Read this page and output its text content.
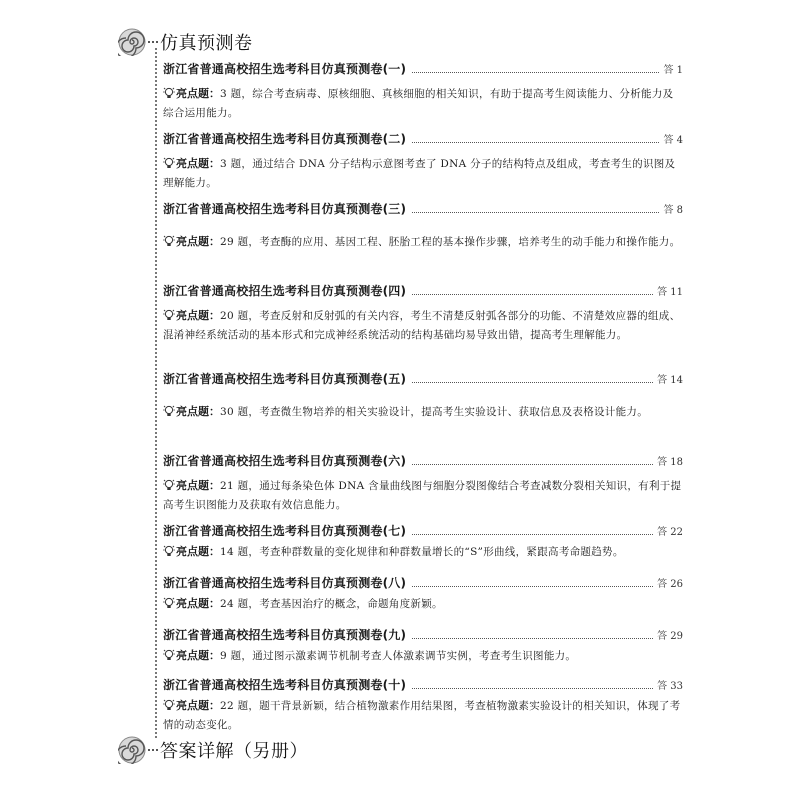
仿真预测卷
浙江省普通高校招生选考科目仿真预测卷(一)	答 1
亮点题：3 题，综合考查病毒、原核细胞、真核细胞的相关知识，有助于提高考生阅读能力、分析能力及综合运用能力。
浙江省普通高校招生选考科目仿真预测卷(二)	答 4
亮点题：3 题，通过结合 DNA 分子结构示意图考查了 DNA 分子的结构特点及组成，考查考生的识图及理解能力。
浙江省普通高校招生选考科目仿真预测卷(三)	答 8
亮点题：29 题，考查酶的应用、基因工程、胚胎工程的基本操作步骤，培养考生的动手能力和操作能力。
浙江省普通高校招生选考科目仿真预测卷(四)	答 11
亮点题：20 题，考查反射和反射弧的有关内容，考生不清楚反射弧各部分的功能、不清楚效应器的组成、混淆神经系统活动的基本形式和完成神经系统活动的结构基础均易导致出错，提高考生理解能力。
浙江省普通高校招生选考科目仿真预测卷(五)	答 14
亮点题：30 题，考查微生物培养的相关实验设计，提高考生实验设计、获取信息及表格设计能力。
浙江省普通高校招生选考科目仿真预测卷(六)	答 18
亮点题：21 题，通过每条染色体 DNA 含量曲线图与细胞分裂图像结合考查减数分裂相关知识，有利于提高考生识图能力及获取有效信息能力。
浙江省普通高校招生选考科目仿真预测卷(七)	答 22
亮点题：14 题，考查种群数量的变化规律和种群数量增长的“S”形曲线，紧跟高考命题趋势。
浙江省普通高校招生选考科目仿真预测卷(八)	答 26
亮点题：24 题，考查基因治疗的概念，命题角度新颖。
浙江省普通高校招生选考科目仿真预测卷(九)	答 29
亮点题：9 题，通过图示激素调节机制考查人体激素调节实例，考查考生识图能力。
浙江省普通高校招生选考科目仿真预测卷(十)	答 33
亮点题：22 题，题干背景新颖，结合植物激素作用结果图，考查植物激素实验设计的相关知识，体现了考情的动态变化。
答案详解（另册）
